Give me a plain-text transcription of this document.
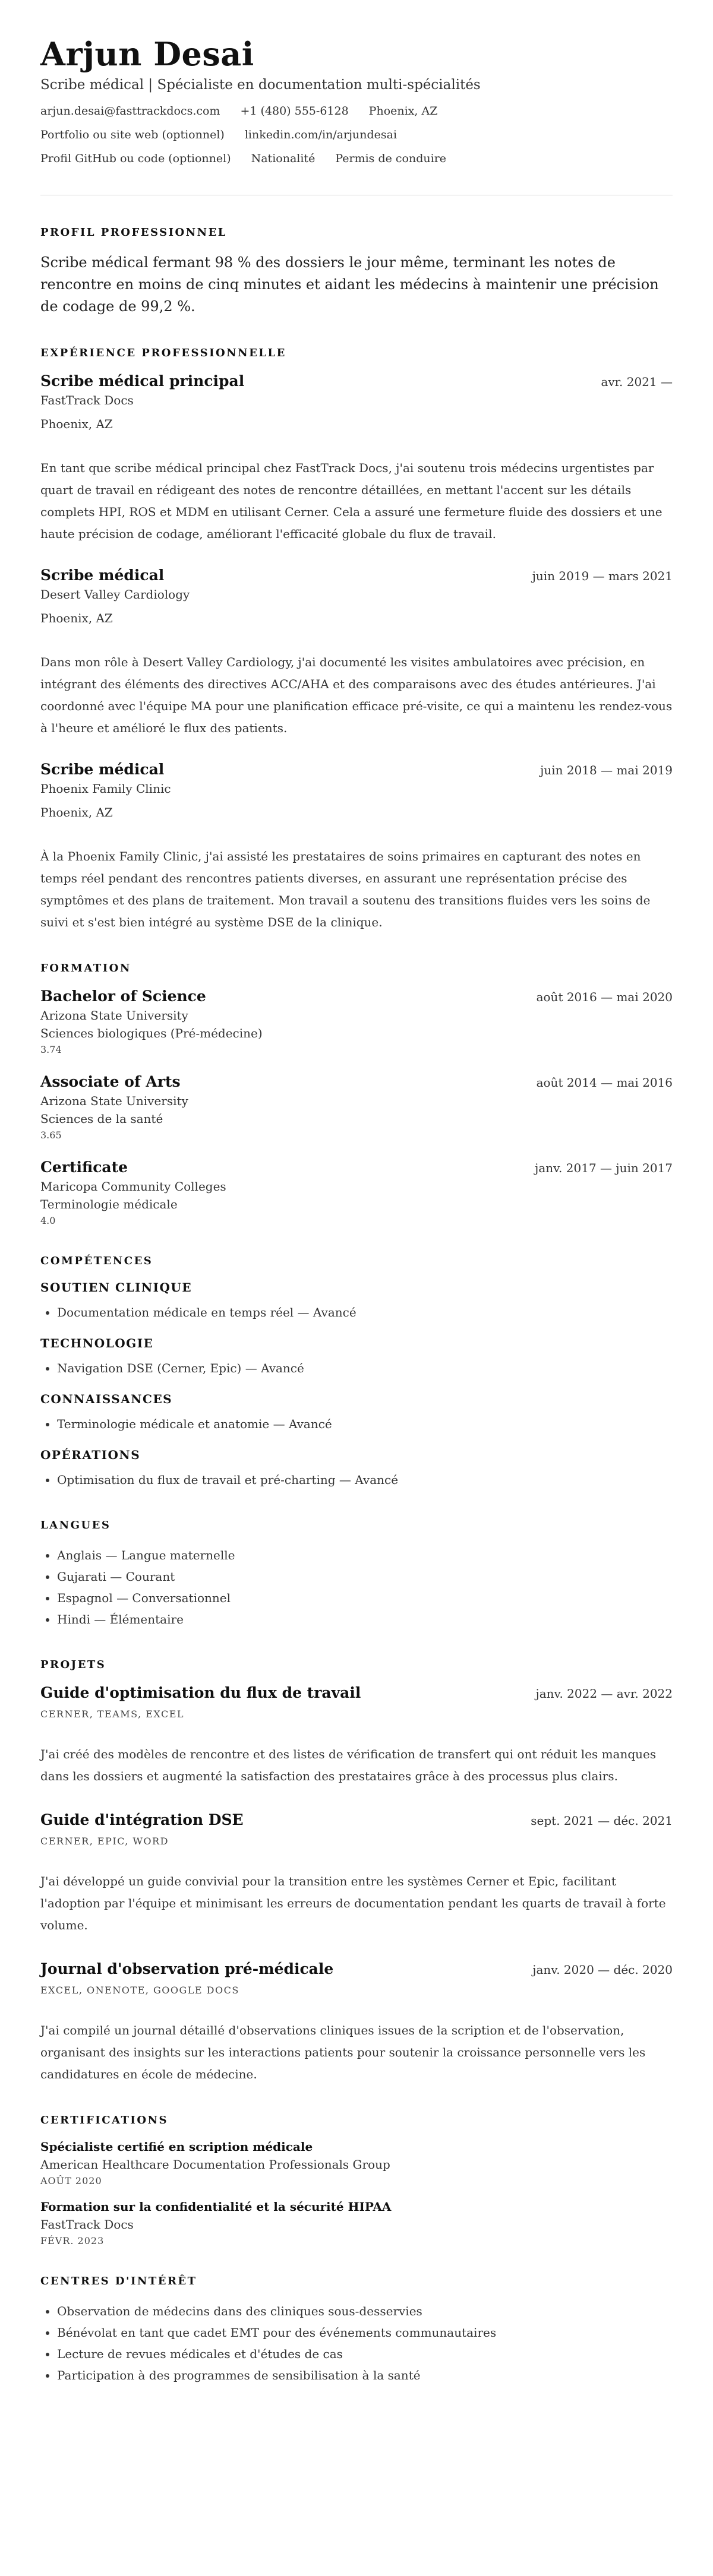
Arjun Desai
Scribe médical | Spécialiste en documentation multi-spécialités
arjun.desai@fasttrackdocs.com +1 (480) 555-6128 Phoenix, AZ
Portfolio ou site web (optionnel) linkedin.com/in/arjundesai
Profil GitHub ou code (optionnel) Nationalité Permis de conduire
PROFIL PROFESSIONNEL

Scribe médical fermant 98 % des dossiers le jour même, terminant les notes de rencontre en moins de cinq minutes et aidant les médecins à maintenir une précision de codage de 99,2 %.

EXPÉRIENCE PROFESSIONNELLE
Scribe médical principal	avr. 2021 —
FastTrack Docs
Phoenix, AZ
En tant que scribe médical principal chez FastTrack Docs, j'ai soutenu trois médecins urgentistes par quart de travail en rédigeant des notes de rencontre détaillées, en mettant l'accent sur les détails complets HPI, ROS et MDM en utilisant Cerner. Cela a assuré une fermeture fluide des dossiers et une haute précision de codage, améliorant l'efficacité globale du flux de travail.
Scribe médical	juin 2019 — mars 2021
Desert Valley Cardiology
Phoenix, AZ
Dans mon rôle à Desert Valley Cardiology, j'ai documenté les visites ambulatoires avec précision, en intégrant des éléments des directives ACC/AHA et des comparaisons avec des études antérieures. J'ai coordonné avec l'équipe MA pour une planification efficace pré-visite, ce qui a maintenu les rendez-vous à l'heure et amélioré le flux des patients.
Scribe médical	juin 2018 — mai 2019
Phoenix Family Clinic
Phoenix, AZ
À la Phoenix Family Clinic, j'ai assisté les prestataires de soins primaires en capturant des notes en temps réel pendant des rencontres patients diverses, en assurant une représentation précise des symptômes et des plans de traitement. Mon travail a soutenu des transitions fluides vers les soins de suivi et s'est bien intégré au système DSE de la clinique.
FORMATION
Bachelor of Science	août 2016 — mai 2020
Arizona State University
Sciences biologiques (Pré-médecine)
3.74
Associate of Arts	août 2014 — mai 2016
Arizona State University
Sciences de la santé
3.65
Certificate	janv. 2017 — juin 2017
Maricopa Community Colleges
Terminologie médicale
4.0
COMPÉTENCES
SOUTIEN CLINIQUE
• Documentation médicale en temps réel — Avancé
TECHNOLOGIE
• Navigation DSE (Cerner, Epic) — Avancé
CONNAISSANCES
• Terminologie médicale et anatomie — Avancé
OPÉRATIONS
• Optimisation du flux de travail et pré-charting — Avancé
LANGUES
• Anglais — Langue maternelle
• Gujarati — Courant
• Espagnol — Conversationnel
• Hindi — Élémentaire
PROJETS
Guide d'optimisation du flux de travail	janv. 2022 — avr. 2022
CERNER, TEAMS, EXCEL
J'ai créé des modèles de rencontre et des listes de vérification de transfert qui ont réduit les manques dans les dossiers et augmenté la satisfaction des prestataires grâce à des processus plus clairs.
Guide d'intégration DSE	sept. 2021 — déc. 2021
CERNER, EPIC, WORD
J'ai développé un guide convivial pour la transition entre les systèmes Cerner et Epic, facilitant l'adoption par l'équipe et minimisant les erreurs de documentation pendant les quarts de travail à forte volume.
Journal d'observation pré-médicale	janv. 2020 — déc. 2020
EXCEL, ONENOTE, GOOGLE DOCS
J'ai compilé un journal détaillé d'observations cliniques issues de la scription et de l'observation, organisant des insights sur les interactions patients pour soutenir la croissance personnelle vers les candidatures en école de médecine.
CERTIFICATIONS
Spécialiste certifié en scription médicale
American Healthcare Documentation Professionals Group
AOÛT 2020
Formation sur la confidentialité et la sécurité HIPAA
FastTrack Docs
FÉVR. 2023
CENTRES D'INTÉRÊT
• Observation de médecins dans des cliniques sous-desservies
• Bénévolat en tant que cadet EMT pour des événements communautaires
• Lecture de revues médicales et d'études de cas
• Participation à des programmes de sensibilisation à la santé
